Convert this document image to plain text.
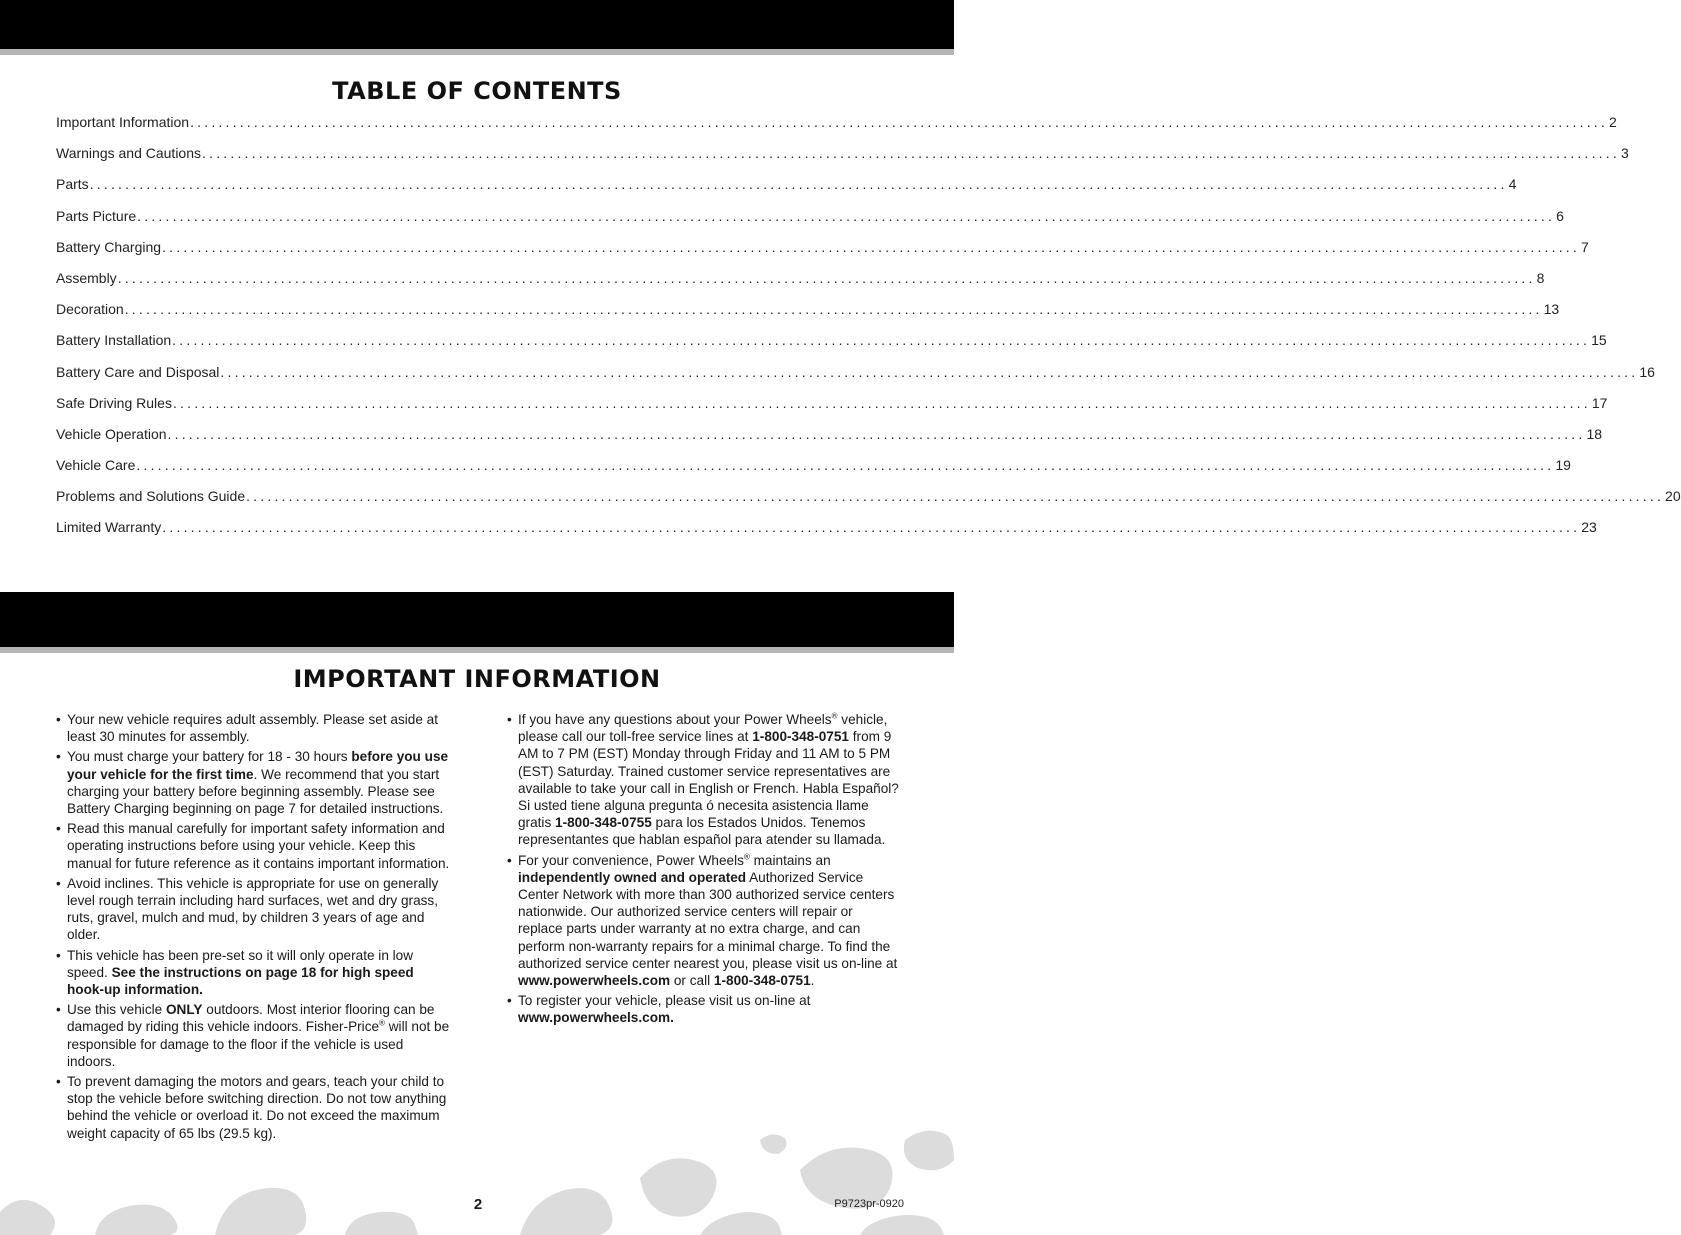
TABLE OF CONTENTS
Important Information ........................................................................................................................................................................................................ 2
Warnings and Cautions ........................................................................................................................................................................................................ 3
Parts ........................................................................................................................................................................................................ 4
Parts Picture ........................................................................................................................................................................................................ 6
Battery Charging ........................................................................................................................................................................................................ 7
Assembly ........................................................................................................................................................................................................ 8
Decoration ........................................................................................................................................................................................................ 13
Battery Installation ........................................................................................................................................................................................................ 15
Battery Care and Disposal ........................................................................................................................................................................................................ 16
Safe Driving Rules ........................................................................................................................................................................................................ 17
Vehicle Operation ........................................................................................................................................................................................................ 18
Vehicle Care ........................................................................................................................................................................................................ 19
Problems and Solutions Guide ........................................................................................................................................................................................................ 20
Limited Warranty ........................................................................................................................................................................................................ 23
IMPORTANT INFORMATION
• Your new vehicle requires adult assembly. Please set aside at least 30 minutes for assembly.
• You must charge your battery for 18 - 30 hours before you use your vehicle for the first time. We recommend that you start charging your battery before beginning assembly. Please see Battery Charging beginning on page 7 for detailed instructions.
• Read this manual carefully for important safety information and operating instructions before using your vehicle. Keep this manual for future reference as it contains important information.
• Avoid inclines. This vehicle is appropriate for use on generally level rough terrain including hard surfaces, wet and dry grass, ruts, gravel, mulch and mud, by children 3 years of age and older.
• This vehicle has been pre-set so it will only operate in low speed. See the instructions on page 18 for high speed hook-up information.
• Use this vehicle ONLY outdoors. Most interior flooring can be damaged by riding this vehicle indoors. Fisher-Price® will not be responsible for damage to the floor if the vehicle is used indoors.
• To prevent damaging the motors and gears, teach your child to stop the vehicle before switching direction. Do not tow anything behind the vehicle or overload it. Do not exceed the maximum weight capacity of 65 lbs (29.5 kg).
• If you have any questions about your Power Wheels® vehicle, please call our toll-free service lines at 1-800-348-0751 from 9 AM to 7 PM (EST) Monday through Friday and 11 AM to 5 PM (EST) Saturday. Trained customer service representatives are available to take your call in English or French. Habla Español? Si usted tiene alguna pregunta ó necesita asistencia llame gratis 1-800-348-0755 para los Estados Unidos. Tenemos representantes que hablan español para atender su llamada.
• For your convenience, Power Wheels® maintains an independently owned and operated Authorized Service Center Network with more than 300 authorized service centers nationwide. Our authorized service centers will repair or replace parts under warranty at no extra charge, and can perform non-warranty repairs for a minimal charge. To find the authorized service center nearest you, please visit us on-line at www.powerwheels.com or call 1-800-348-0751.
• To register your vehicle, please visit us on-line at www.powerwheels.com.
2	P9723pr-0920
